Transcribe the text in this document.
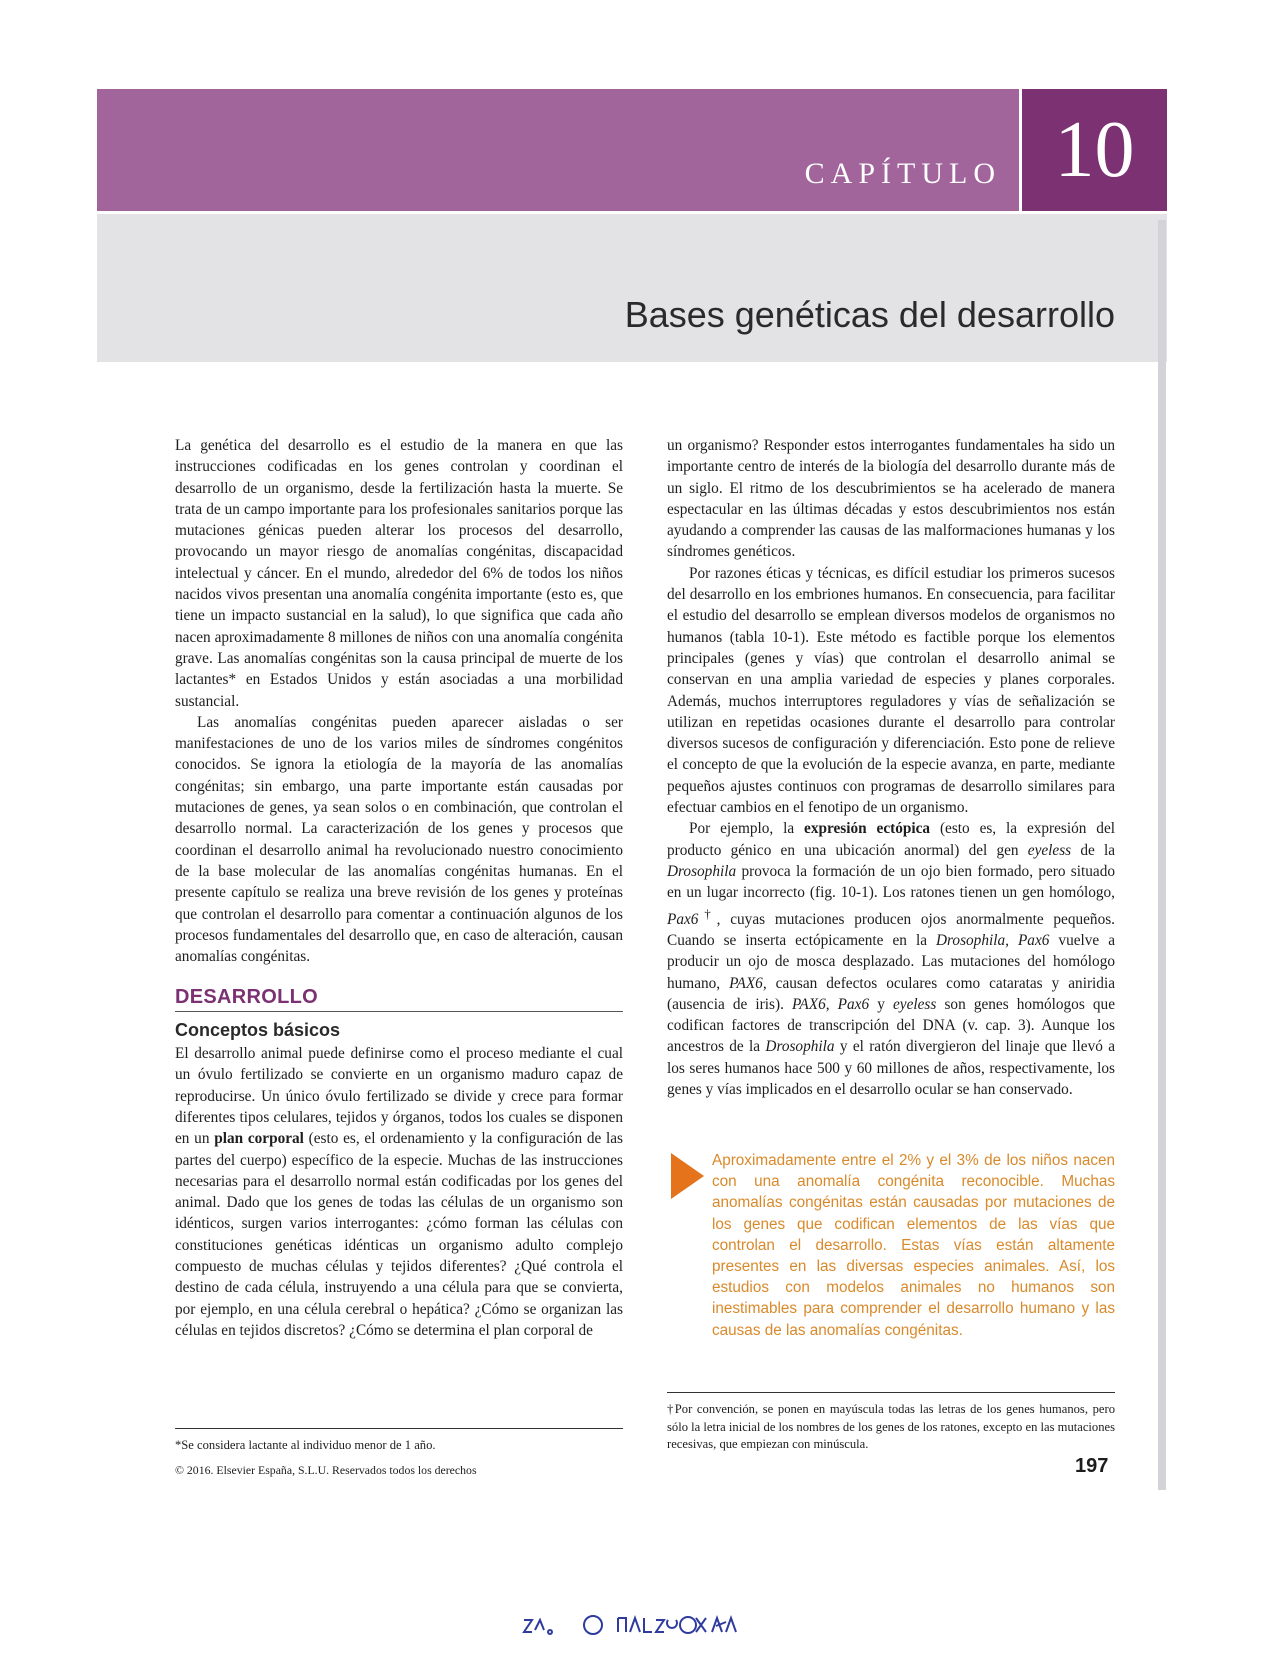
CAPÍTULO 10
Bases genéticas del desarrollo

La genética del desarrollo es el estudio de la manera en que las instrucciones codificadas en los genes controlan y coordinan el desarrollo de un organismo, desde la fertilización hasta la muerte. Se trata de un campo importante para los profesionales sanitarios porque las mutaciones génicas pueden alterar los procesos del desarrollo, provocando un mayor riesgo de anomalías congénitas, discapacidad intelectual y cáncer. En el mundo, alrededor del 6% de todos los niños nacidos vivos presentan una anomalía congénita importante (esto es, que tiene un impacto sustancial en la salud), lo que significa que cada año nacen aproximadamente 8 millones de niños con una anomalía congénita grave. Las anomalías congénitas son la causa principal de muerte de los lactantes* en Estados Unidos y están asociadas a una morbilidad sustancial.

Las anomalías congénitas pueden aparecer aisladas o ser manifestaciones de uno de los varios miles de síndromes congénitos conocidos. Se ignora la etiología de la mayoría de las anomalías congénitas; sin embargo, una parte importante están causadas por mutaciones de genes, ya sean solos o en combinación, que controlan el desarrollo normal. La caracterización de los genes y procesos que coordinan el desarrollo animal ha revolucionado nuestro conocimiento de la base molecular de las anomalías congénitas humanas. En el presente capítulo se realiza una breve revisión de los genes y proteínas que controlan el desarrollo para comentar a continuación algunos de los procesos fundamentales del desarrollo que, en caso de alteración, causan anomalías congénitas.

DESARROLLO
Conceptos básicos

El desarrollo animal puede definirse como el proceso mediante el cual un óvulo fertilizado se convierte en un organismo maduro capaz de reproducirse. Un único óvulo fertilizado se divide y crece para formar diferentes tipos celulares, tejidos y órganos, todos los cuales se disponen en un plan corporal (esto es, el ordenamiento y la configuración de las partes del cuerpo) específico de la especie. Muchas de las instrucciones necesarias para el desarrollo normal están codificadas por los genes del animal. Dado que los genes de todas las células de un organismo son idénticos, surgen varios interrogantes: ¿cómo forman las células con constituciones genéticas idénticas un organismo adulto complejo compuesto de muchas células y tejidos diferentes? ¿Qué controla el destino de cada célula, instruyendo a una célula para que se convierta, por ejemplo, en una célula cerebral o hepática? ¿Cómo se organizan las células en tejidos discretos? ¿Cómo se determina el plan corporal de

un organismo? Responder estos interrogantes fundamentales ha sido un importante centro de interés de la biología del desarrollo durante más de un siglo. El ritmo de los descubrimientos se ha acelerado de manera espectacular en las últimas décadas y estos descubrimientos nos están ayudando a comprender las causas de las malformaciones humanas y los síndromes genéticos.

Por razones éticas y técnicas, es difícil estudiar los primeros sucesos del desarrollo en los embriones humanos. En consecuencia, para facilitar el estudio del desarrollo se emplean diversos modelos de organismos no humanos (tabla 10-1). Este método es factible porque los elementos principales (genes y vías) que controlan el desarrollo animal se conservan en una amplia variedad de especies y planes corporales. Además, muchos interruptores reguladores y vías de señalización se utilizan en repetidas ocasiones durante el desarrollo para controlar diversos sucesos de configuración y diferenciación. Esto pone de relieve el concepto de que la evolución de la especie avanza, en parte, mediante pequeños ajustes continuos con programas de desarrollo similares para efectuar cambios en el fenotipo de un organismo.

Por ejemplo, la expresión ectópica (esto es, la expresión del producto génico en una ubicación anormal) del gen eyeless de la Drosophila provoca la formación de un ojo bien formado, pero situado en un lugar incorrecto (fig. 10-1). Los ratones tienen un gen homólogo, Pax6†, cuyas mutaciones producen ojos anormalmente pequeños. Cuando se inserta ectópicamente en la Drosophila, Pax6 vuelve a producir un ojo de mosca desplazado. Las mutaciones del homólogo humano, PAX6, causan defectos oculares como cataratas y aniridia (ausencia de iris). PAX6, Pax6 y eyeless son genes homólogos que codifican factores de transcripción del DNA (v. cap. 3). Aunque los ancestros de la Drosophila y el ratón divergieron del linaje que llevó a los seres humanos hace 500 y 60 millones de años, respectivamente, los genes y vías implicados en el desarrollo ocular se han conservado.

Aproximadamente entre el 2% y el 3% de los niños nacen con una anomalía congénita reconocible. Muchas anomalías congénitas están causadas por mutaciones de los genes que codifican elementos de las vías que controlan el desarrollo. Estas vías están altamente presentes en las diversas especies animales. Así, los estudios con modelos animales no humanos son inestimables para comprender el desarrollo humano y las causas de las anomalías congénitas.
†Por convención, se ponen en mayúscula todas las letras de los genes humanos, pero sólo la letra inicial de los nombres de los genes de los ratones, excepto en las mutaciones recesivas, que empiezan con minúscula.
*Se considera lactante al individuo menor de 1 año.
© 2016. Elsevier España, S.L.U. Reservados todos los derechos	197
